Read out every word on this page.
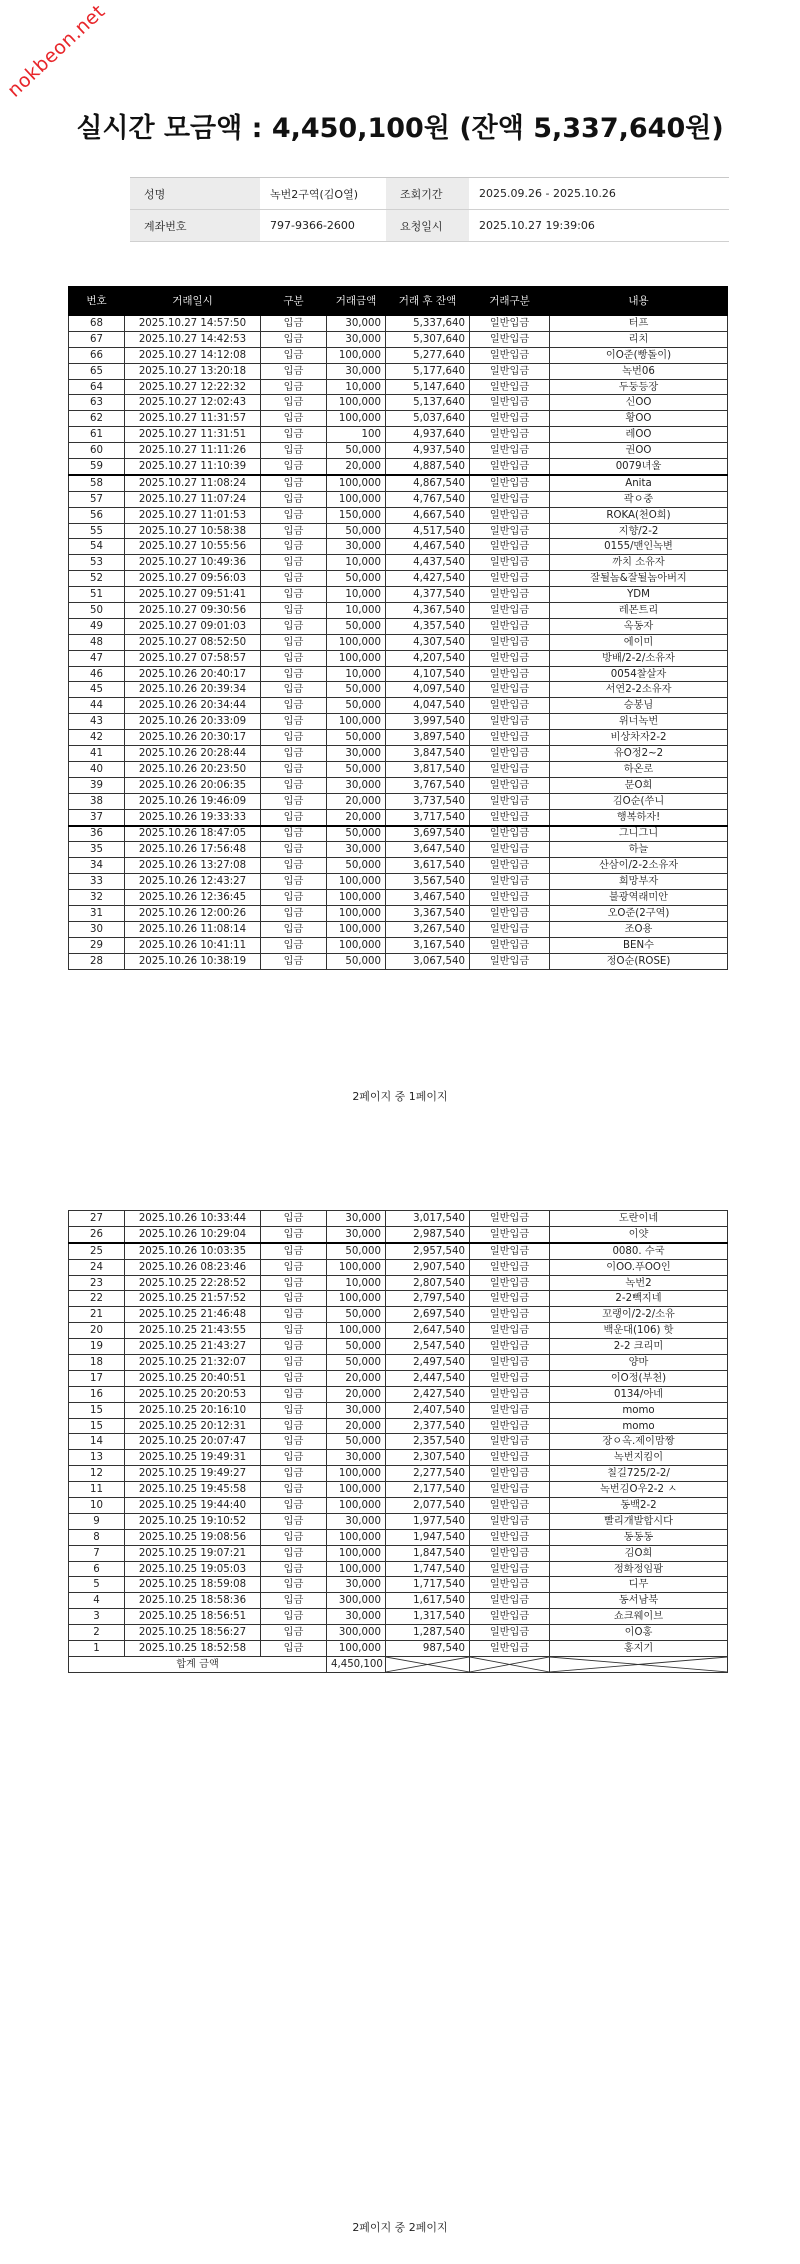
nokbeon.net
실시간 모금액 : 4,450,100원 (잔액 5,337,640원)
성명	녹번2구역(김O열)	조회기간	2025.09.26 - 2025.10.26
계좌번호	797-9366-2600	요청일시	2025.10.27 19:39:06
번호	거래일시	구분	거래금액	거래 후 잔액	거래구분	내용
68	2025.10.27 14:57:50	입금	30,000	5,337,640	일반입금	터프
67	2025.10.27 14:42:53	입금	30,000	5,307,640	일반입금	리치
66	2025.10.27 14:12:08	입금	100,000	5,277,640	일반입금	이O준(빵돌이)
65	2025.10.27 13:20:18	입금	30,000	5,177,640	일반입금	녹번06
64	2025.10.27 12:22:32	입금	10,000	5,147,640	일반입금	두둥등장
63	2025.10.27 12:02:43	입금	100,000	5,137,640	일반입금	신OO
62	2025.10.27 11:31:57	입금	100,000	5,037,640	일반입금	황OO
61	2025.10.27 11:31:51	입금	100	4,937,640	일반입금	레OO
60	2025.10.27 11:11:26	입금	50,000	4,937,540	일반입금	권OO
59	2025.10.27 11:10:39	입금	20,000	4,887,540	일반입금	0079녀울
58	2025.10.27 11:08:24	입금	100,000	4,867,540	일반입금	Anita
57	2025.10.27 11:07:24	입금	100,000	4,767,540	일반입금	곽ㅇ중
56	2025.10.27 11:01:53	입금	150,000	4,667,540	일반입금	ROKA(천O희)
55	2025.10.27 10:58:38	입금	50,000	4,517,540	일반입금	지향/2-2
54	2025.10.27 10:55:56	입금	30,000	4,467,540	일반입금	0155/맨인녹변
53	2025.10.27 10:49:36	입금	10,000	4,437,540	일반입금	까치 소유자
52	2025.10.27 09:56:03	입금	50,000	4,427,540	일반입금	잘될놈&잘될놈아버지
51	2025.10.27 09:51:41	입금	10,000	4,377,540	일반입금	YDM
50	2025.10.27 09:30:56	입금	10,000	4,367,540	일반입금	레몬트리
49	2025.10.27 09:01:03	입금	50,000	4,357,540	일반입금	옥동자
48	2025.10.27 08:52:50	입금	100,000	4,307,540	일반입금	에이미
47	2025.10.27 07:58:57	입금	100,000	4,207,540	일반입금	방배/2-2/소유자
46	2025.10.26 20:40:17	입금	10,000	4,107,540	일반입금	0054찰살자
45	2025.10.26 20:39:34	입금	50,000	4,097,540	일반입금	서연2-2소유자
44	2025.10.26 20:34:44	입금	50,000	4,047,540	일반입금	승봉님
43	2025.10.26 20:33:09	입금	100,000	3,997,540	일반입금	위너녹번
42	2025.10.26 20:30:17	입금	50,000	3,897,540	일반입금	비상차자2-2
41	2025.10.26 20:28:44	입금	30,000	3,847,540	일반입금	유O정2~2
40	2025.10.26 20:23:50	입금	50,000	3,817,540	일반입금	하온로
39	2025.10.26 20:06:35	입금	30,000	3,767,540	일반입금	문O희
38	2025.10.26 19:46:09	입금	20,000	3,737,540	일반입금	김O순(쑤니
37	2025.10.26 19:33:33	입금	20,000	3,717,540	일반입금	행복하자!
36	2025.10.26 18:47:05	입금	50,000	3,697,540	일반입금	그니그니
35	2025.10.26 17:56:48	입금	30,000	3,647,540	일반입금	하늘
34	2025.10.26 13:27:08	입금	50,000	3,617,540	일반입금	산삼이/2-2소유자
33	2025.10.26 12:43:27	입금	100,000	3,567,540	일반입금	희망부자
32	2025.10.26 12:36:45	입금	100,000	3,467,540	일반입금	불광역래미안
31	2025.10.26 12:00:26	입금	100,000	3,367,540	일반입금	오O준(2구역)
30	2025.10.26 11:08:14	입금	100,000	3,267,540	일반입금	조O용
29	2025.10.26 10:41:11	입금	100,000	3,167,540	일반입금	BEN수
28	2025.10.26 10:38:19	입금	50,000	3,067,540	일반입금	정O순(ROSE)
2페이지 중 1페이지
27	2025.10.26 10:33:44	입금	30,000	3,017,540	일반입금	도란이네
26	2025.10.26 10:29:04	입금	30,000	2,987,540	일반입금	이얏
25	2025.10.26 10:03:35	입금	50,000	2,957,540	일반입금	0080. 수국
24	2025.10.26 08:23:46	입금	100,000	2,907,540	일반입금	이OO.푸OO인
23	2025.10.25 22:28:52	입금	10,000	2,807,540	일반입금	녹번2
22	2025.10.25 21:57:52	입금	100,000	2,797,540	일반입금	2-2빽지네
21	2025.10.25 21:46:48	입금	50,000	2,697,540	일반입금	꼬랭이/2-2/소유
20	2025.10.25 21:43:55	입금	100,000	2,647,540	일반입금	백운대(106) 핫
19	2025.10.25 21:43:27	입금	50,000	2,547,540	일반입금	2-2 크리미
18	2025.10.25 21:32:07	입금	50,000	2,497,540	일반입금	양마
17	2025.10.25 20:40:51	입금	20,000	2,447,540	일반입금	이O정(부천)
16	2025.10.25 20:20:53	입금	20,000	2,427,540	일반입금	0134/아네
15	2025.10.25 20:16:10	입금	30,000	2,407,540	일반입금	momo
15	2025.10.25 20:12:31	입금	20,000	2,377,540	일반입금	momo
14	2025.10.25 20:07:47	입금	50,000	2,357,540	일반입금	장ㅇ옥.제이맘짱
13	2025.10.25 19:49:31	입금	30,000	2,307,540	일반입금	녹번지킴이
12	2025.10.25 19:49:27	입금	100,000	2,277,540	일반입금	칠길725/2-2/
11	2025.10.25 19:45:58	입금	100,000	2,177,540	일반입금	녹번김O우2-2 ㅅ
10	2025.10.25 19:44:40	입금	100,000	2,077,540	일반입금	동백2-2
9	2025.10.25 19:10:52	입금	30,000	1,977,540	일반입금	빨리개발합시다
8	2025.10.25 19:08:56	입금	100,000	1,947,540	일반입금	동동동
7	2025.10.25 19:07:21	입금	100,000	1,847,540	일반입금	김O희
6	2025.10.25 19:05:03	입금	100,000	1,747,540	일반입금	정화정임팜
5	2025.10.25 18:59:08	입금	30,000	1,717,540	일반입금	디무
4	2025.10.25 18:58:36	입금	300,000	1,617,540	일반입금	동서남북
3	2025.10.25 18:56:51	입금	30,000	1,317,540	일반입금	쇼크웨이브
2	2025.10.25 18:56:27	입금	300,000	1,287,540	일반입금	이O홍
1	2025.10.25 18:52:58	입금	100,000	987,540	일반입금	홍지기
합계 금액			4,450,100	

2페이지 중 2페이지
